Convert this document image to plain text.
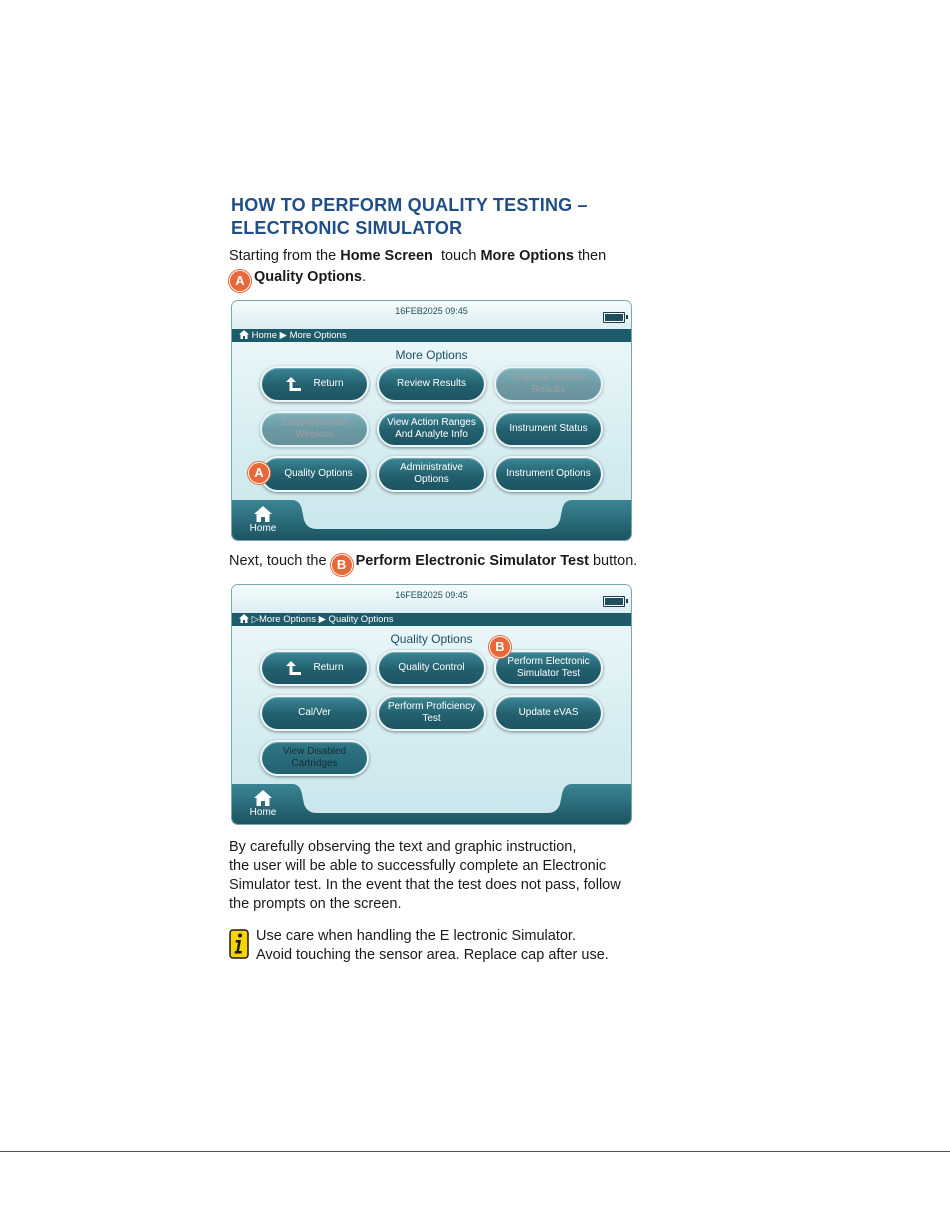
HOW TO PERFORM QUALITY TESTING –
ELECTRONIC SIMULATOR
Starting from the Home Screen  touch More Options then
A Quality Options.
16FEB2025 09:45
Home ▶ More Options
More Options
Return	Review Results
Transmit Unsent Results
Enable/Disable Wireless
View Action Ranges And Analyte Info
Instrument Status
Quality Options
Administrative Options
Instrument Options
A
Home
Next, touch the B Perform Electronic Simulator Test button.
16FEB2025 09:45
▷More Options ▶ Quality Options
Quality Options
Return	Quality Control
Perform Electronic Simulator Test
Cal/Ver
Perform Proficiency Test
Update eVAS
View Disabled Cartridges
B
Home
By carefully observing the text and graphic instruction,
the user will be able to successfully complete an Electronic
Simulator test. In the event that the test does not pass, follow
the prompts on the screen.
Use care when handling the E lectronic Simulator.
Avoid touching the sensor area. Replace cap after use.
